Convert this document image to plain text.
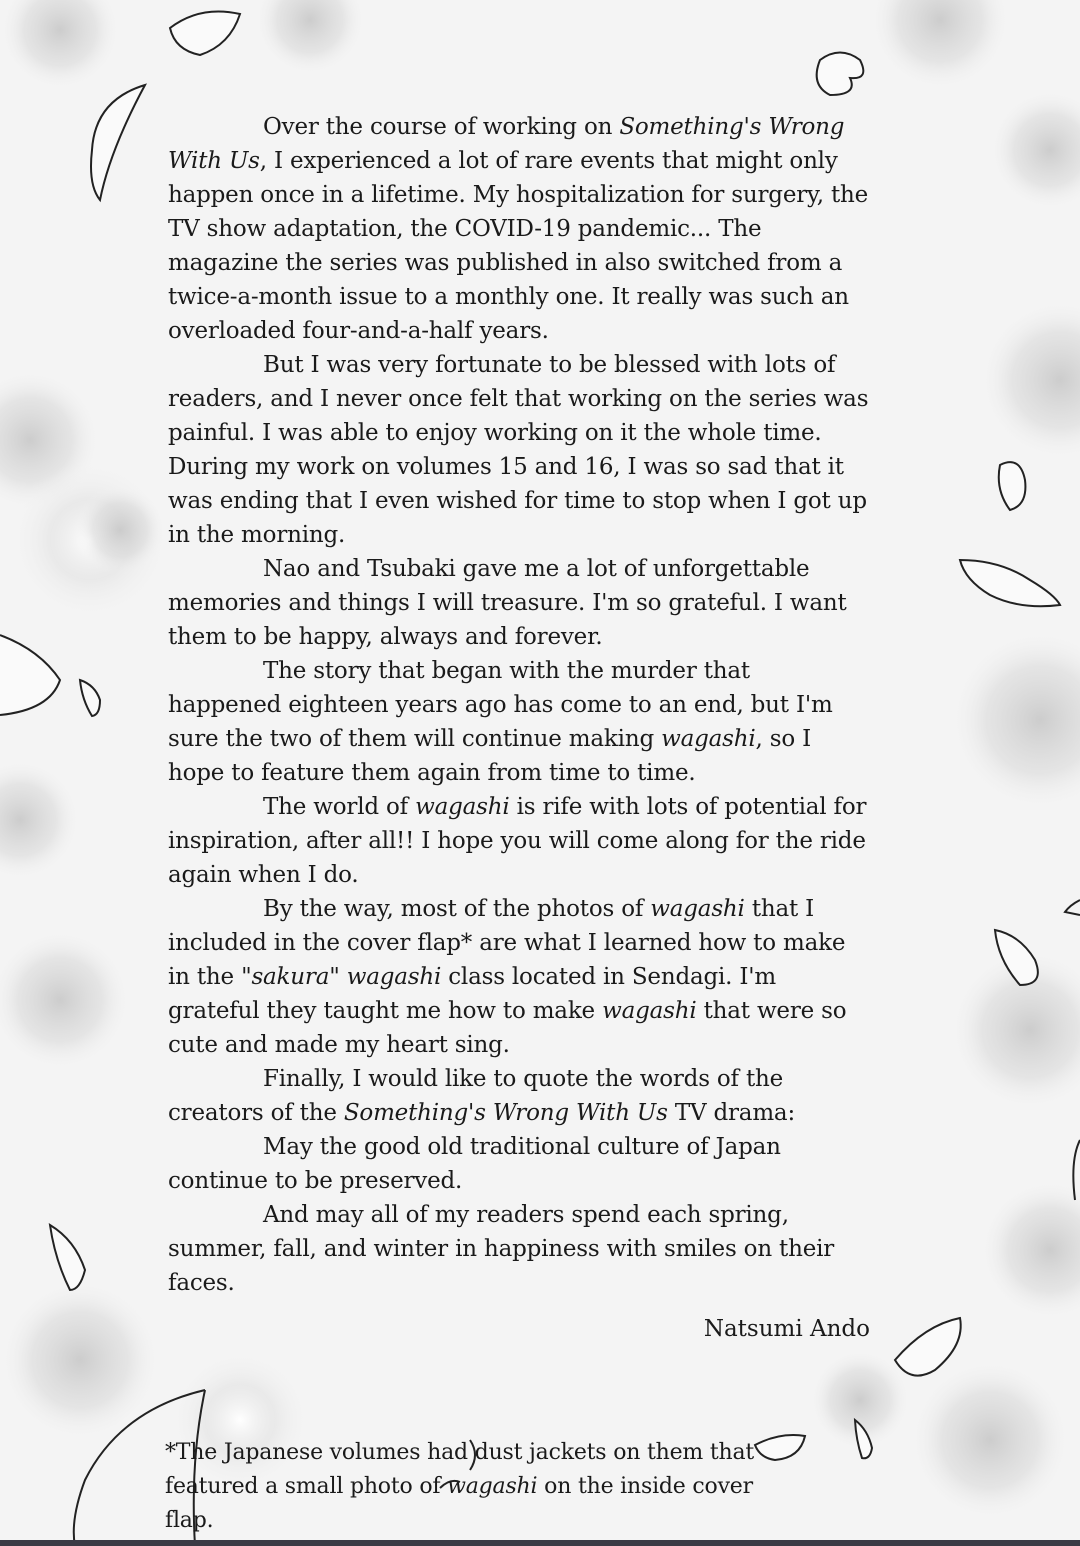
Over the course of working on Something's Wrong With Us, I experienced a lot of rare events that might only happen once in a lifetime. My hospitalization for surgery, the TV show adaptation, the COVID-19 pandemic... The magazine the series was published in also switched from a twice-a-month issue to a monthly one. It really was such an overloaded four-and-a-half years.

But I was very fortunate to be blessed with lots of readers, and I never once felt that working on the series was painful. I was able to enjoy working on it the whole time. During my work on volumes 15 and 16, I was so sad that it was ending that I even wished for time to stop when I got up in the morning.

Nao and Tsubaki gave me a lot of unforgettable memories and things I will treasure. I'm so grateful. I want them to be happy, always and forever.

The story that began with the murder that happened eighteen years ago has come to an end, but I'm sure the two of them will continue making wagashi, so I hope to feature them again from time to time.

The world of wagashi is rife with lots of potential for inspiration, after all!! I hope you will come along for the ride again when I do.

By the way, most of the photos of wagashi that I included in the cover flap* are what I learned how to make in the "sakura" wagashi class located in Sendagi. I'm grateful they taught me how to make wagashi that were so cute and made my heart sing.

Finally, I would like to quote the words of the creators of the Something's Wrong With Us TV drama:

May the good old traditional culture of Japan continue to be preserved.

And may all of my readers spend each spring, summer, fall, and winter in happiness with smiles on their faces.

Natsumi Ando
*The Japanese volumes had dust jackets on them that featured a small photo of wagashi on the inside cover flap.
